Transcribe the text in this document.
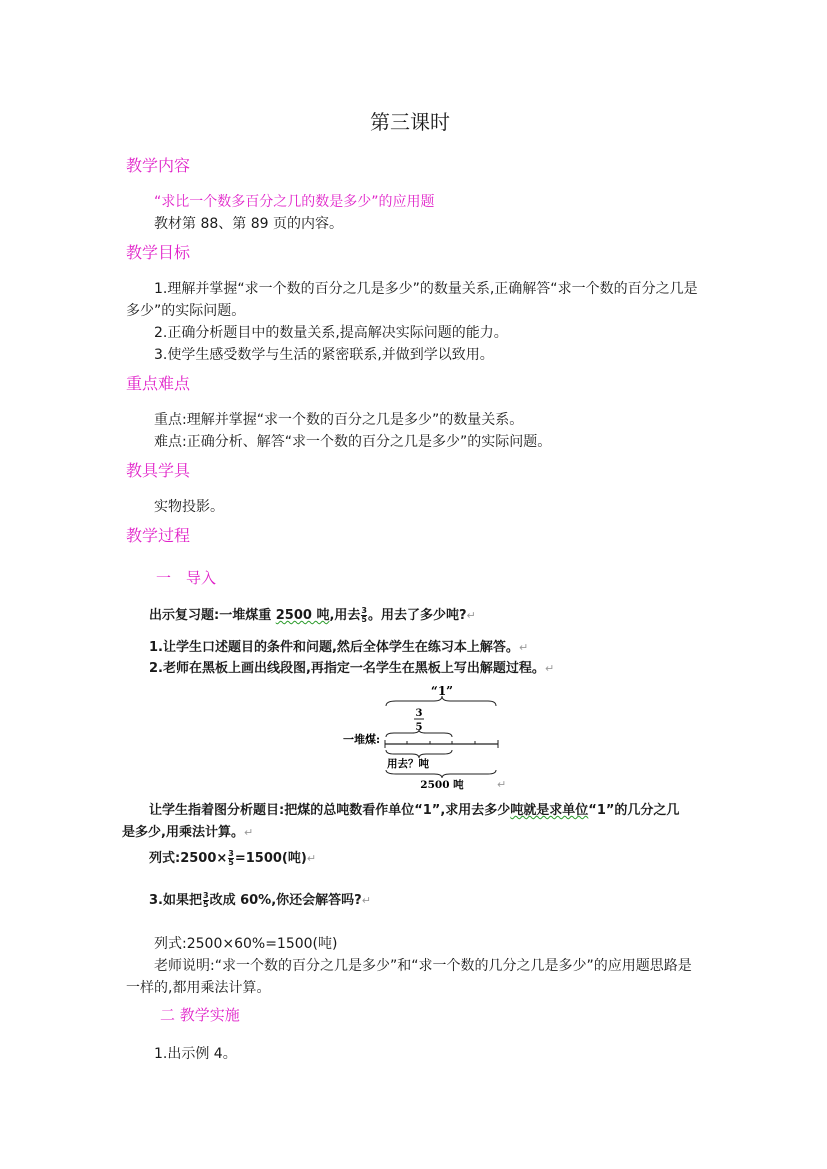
第三课时
教学内容
“求比一个数多百分之几的数是多少”的应用题
教材第 88、第 89 页的内容。
教学目标
1.理解并掌握“求一个数的百分之几是多少”的数量关系,正确解答“求一个数的百分之几是
多少”的实际问题。
2.正确分析题目中的数量关系,提高解决实际问题的能力。
3.使学生感受数学与生活的紧密联系,并做到学以致用。
重点难点
重点:理解并掌握“求一个数的百分之几是多少”的数量关系。
难点:正确分析、解答“求一个数的百分之几是多少”的实际问题。
教具学具
实物投影。
教学过程
一　导入
出示复习题:一堆煤重 2500 吨,用去 $\frac{3}{5}$ 。用去了多少吨?↵
1.让学生口述题目的条件和问题,然后全体学生在练习本上解答。↵
2.老师在黑板上画出线段图,再指定一名学生在黑板上写出解题过程。↵
“1”
3
5
一堆煤:
用去？吨
2500 吨	↵
让学生指着图分析题目:把煤的总吨数看作单位“1”,求用去多少吨就是求单位“1”的几分之几
是多少,用乘法计算。↵
列式:2500× $\frac{3}{5} =1500$(吨)↵
3.如果把 $\frac{3}{5}$ 改成 60%,你还会解答吗?↵
列式:2500×60%=1500(吨)
老师说明:“求一个数的百分之几是多少”和“求一个数的几分之几是多少”的应用题思路是
一样的,都用乘法计算。
二 教学实施
1.出示例 4。
